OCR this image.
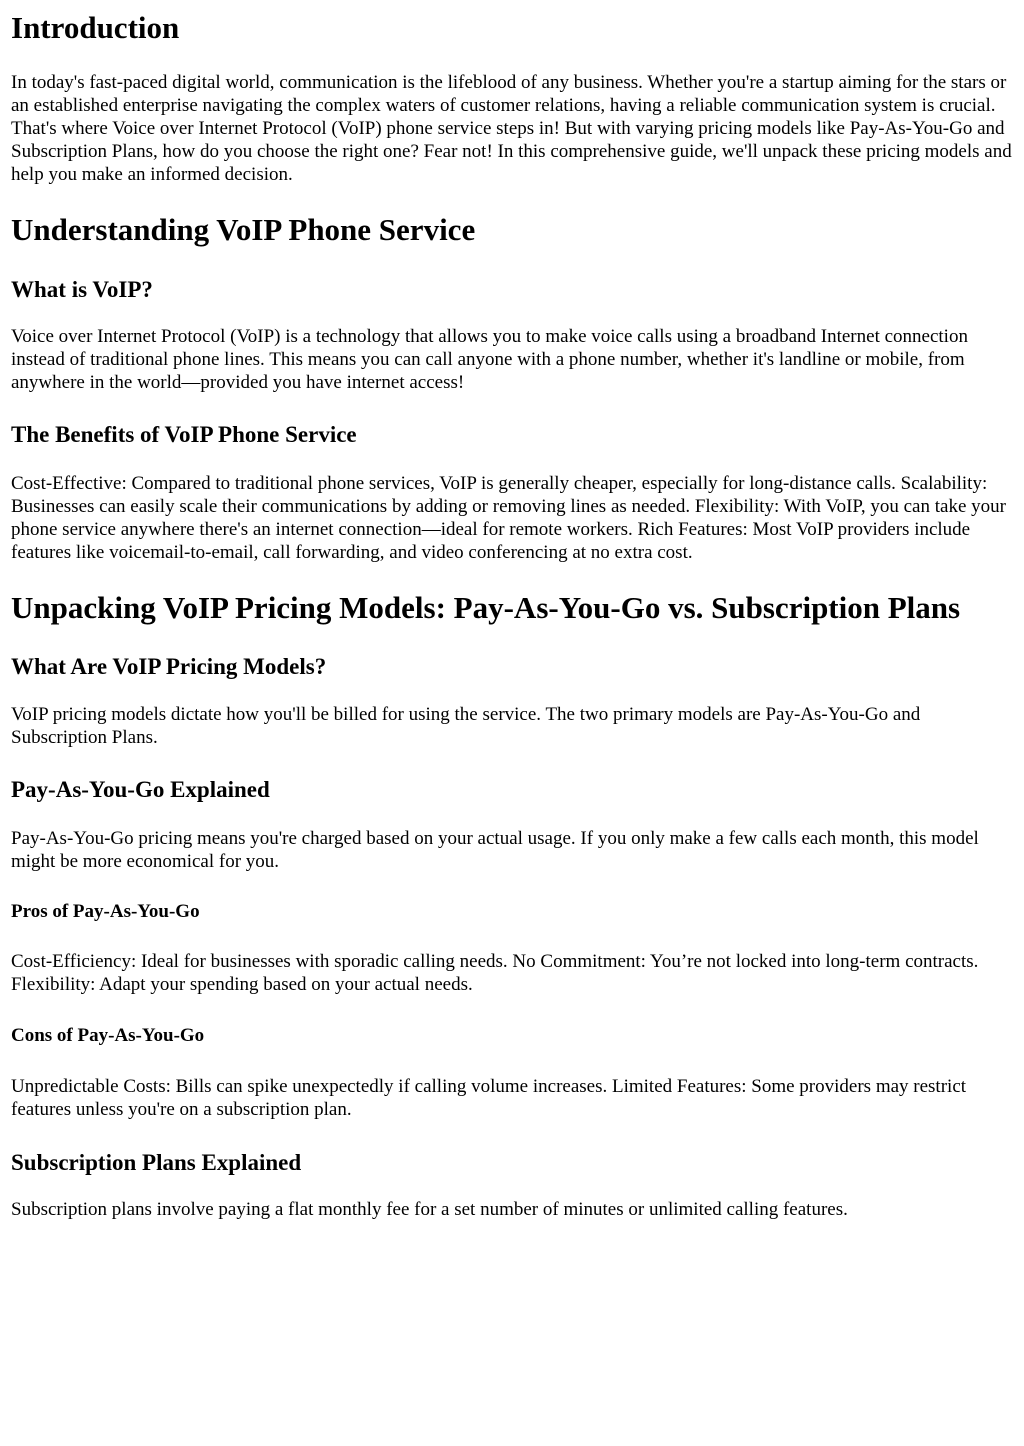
Introduction

In today's fast-paced digital world, communication is the lifeblood of any business. Whether you're a startup aiming for the stars or an established enterprise navigating the complex waters of customer relations, having a reliable communication system is crucial. That's where Voice over Internet Protocol (VoIP) phone service steps in! But with varying pricing models like Pay-As-You-Go and Subscription Plans, how do you choose the right one? Fear not! In this comprehensive guide, we'll unpack these pricing models and help you make an informed decision.

Understanding VoIP Phone Service
What is VoIP?

Voice over Internet Protocol (VoIP) is a technology that allows you to make voice calls using a broadband Internet connection instead of traditional phone lines. This means you can call anyone with a phone number, whether it's landline or mobile, from anywhere in the world—provided you have internet access!

The Benefits of VoIP Phone Service

Cost-Effective: Compared to traditional phone services, VoIP is generally cheaper, especially for long-distance calls. Scalability: Businesses can easily scale their communications by adding or removing lines as needed. Flexibility: With VoIP, you can take your phone service anywhere there's an internet connection—ideal for remote workers. Rich Features: Most VoIP providers include features like voicemail-to-email, call forwarding, and video conferencing at no extra cost.

Unpacking VoIP Pricing Models: Pay-As-You-Go vs. Subscription Plans
What Are VoIP Pricing Models?

VoIP pricing models dictate how you'll be billed for using the service. The two primary models are Pay-As-You-Go and Subscription Plans.

Pay-As-You-Go Explained

Pay-As-You-Go pricing means you're charged based on your actual usage. If you only make a few calls each month, this model might be more economical for you.

Pros of Pay-As-You-Go

Cost-Efficiency: Ideal for businesses with sporadic calling needs. No Commitment: You’re not locked into long-term contracts. Flexibility: Adapt your spending based on your actual needs.

Cons of Pay-As-You-Go

Unpredictable Costs: Bills can spike unexpectedly if calling volume increases. Limited Features: Some providers may restrict features unless you're on a subscription plan.

Subscription Plans Explained

Subscription plans involve paying a flat monthly fee for a set number of minutes or unlimited calling features.
